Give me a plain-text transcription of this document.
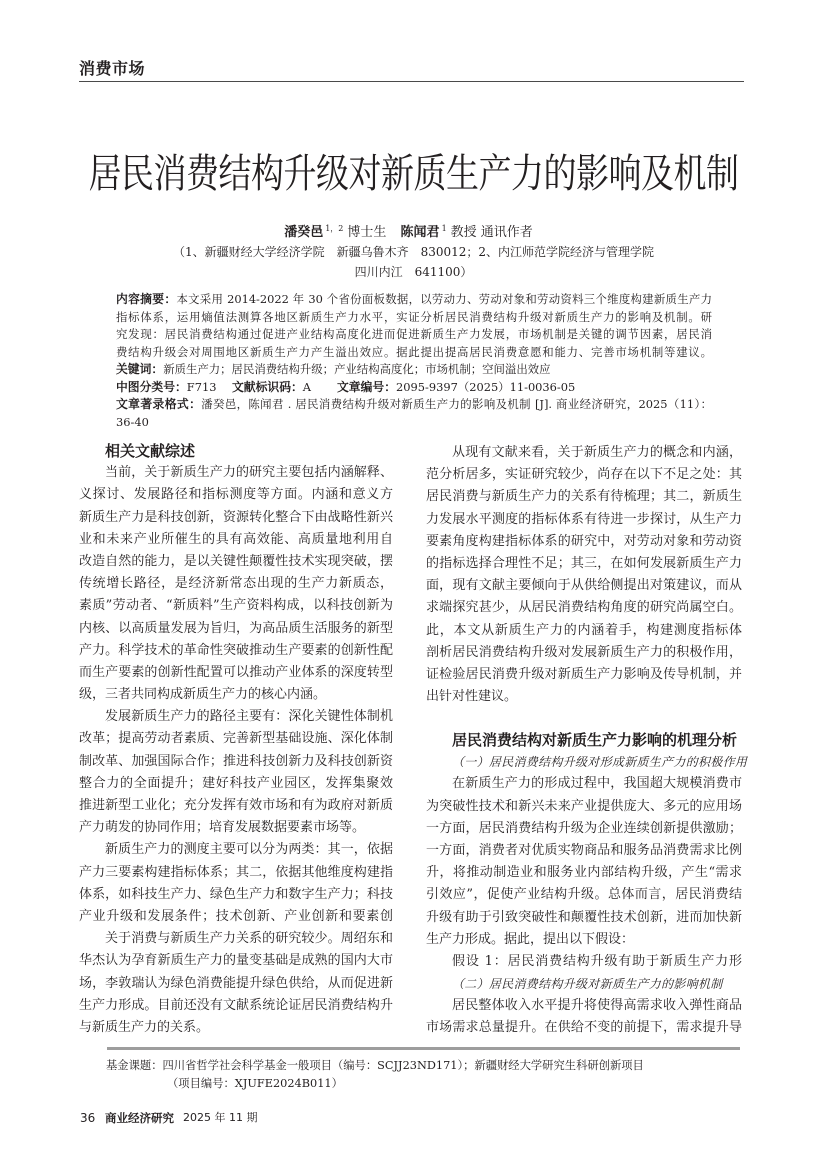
消费市场
居民消费结构升级对新质生产力的影响及机制
潘癸邑 $^{1,2}$ 博士生 陈闻君 $^1$ 教授 通讯作者
（1、新疆财经大学经济学院　新疆乌鲁木齐　830012；2、内江师范学院经济与管理学院
四川内江　641100）
内容摘要：本文采用 2014-2022 年 30 个省份面板数据，以劳动力、劳动对象和劳动资料三个维度构建新质生产力
指标体系，运用熵值法测算各地区新质生产力水平，实证分析居民消费结构升级对新质生产力的影响及机制。研
究发现：居民消费结构通过促进产业结构高度化进而促进新质生产力发展，市场机制是关键的调节因素，居民消
费结构升级会对周围地区新质生产力产生溢出效应。据此提出提高居民消费意愿和能力、完善市场机制等建议。
关键词：新质生产力；居民消费结构升级；产业结构高度化；市场机制；空间溢出效应
中图分类号：F713 文献标识码：A 文章编号：2095-9397（2025）11-0036-05
文章著录格式：潘癸邑，陈闻君 . 居民消费结构升级对新质生产力的影响及机制 [J]. 商业经济研究，2025（11）：
36-40
相关文献综述
当前，关于新质生产力的研究主要包括内涵解释、
义探讨、发展路径和指标测度等方面。内涵和意义方
新质生产力是科技创新，资源转化整合下由战略性新兴
业和未来产业所催生的具有高效能、高质量地利用自
改造自然的能力，是以关键性颠覆性技术实现突破，摆
传统增长路径，是经济新常态出现的生产力新质态，
素质”劳动者、“新质料”生产资料构成，以科技创新为
内核、以高质量发展为旨归，为高品质生活服务的新型
产力。科学技术的革命性突破推动生产要素的创新性配
而生产要素的创新性配置可以推动产业体系的深度转型
级，三者共同构成新质生产力的核心内涵。
发展新质生产力的路径主要有：深化关键性体制机
改革；提高劳动者素质、完善新型基础设施、深化体制
制改革、加强国际合作；推进科技创新力及科技创新资
整合力的全面提升；建好科技产业园区，发挥集聚效
推进新型工业化；充分发挥有效市场和有为政府对新质
产力萌发的协同作用；培育发展数据要素市场等。
新质生产力的测度主要可以分为两类：其一，依据
产力三要素构建指标体系；其二，依据其他维度构建指
体系，如科技生产力、绿色生产力和数字生产力；科技
产业升级和发展条件；技术创新、产业创新和要素创
关于消费与新质生产力关系的研究较少。周绍东和
华杰认为孕育新质生产力的量变基础是成熟的国内大市
场，李敦瑞认为绿色消费能提升绿色供给，从而促进新
生产力形成。目前还没有文献系统论证居民消费结构升
与新质生产力的关系。
从现有文献来看，关于新质生产力的概念和内涵，
范分析居多，实证研究较少，尚存在以下不足之处：其
居民消费与新质生产力的关系有待梳理；其二，新质生
力发展水平测度的指标体系有待进一步探讨，从生产力
要素角度构建指标体系的研究中，对劳动对象和劳动资
的指标选择合理性不足；其三，在如何发展新质生产力
面，现有文献主要倾向于从供给侧提出对策建议，而从
求端探究甚少，从居民消费结构角度的研究尚属空白。
此，本文从新质生产力的内涵着手，构建测度指标体
剖析居民消费结构升级对发展新质生产力的积极作用，
证检验居民消费升级对新质生产力影响及传导机制，并
出针对性建议。
居民消费结构对新质生产力影响的机理分析
（一）居民消费结构升级对形成新质生产力的积极作用
在新质生产力的形成过程中，我国超大规模消费市
为突破性技术和新兴未来产业提供庞大、多元的应用场
一方面，居民消费结构升级为企业连续创新提供激励；
一方面，消费者对优质实物商品和服务品消费需求比例
升，将推动制造业和服务业内部结构升级，产生“需求
引效应”，促使产业结构升级。总体而言，居民消费结
升级有助于引致突破性和颠覆性技术创新，进而加快新
生产力形成。据此，提出以下假设：
假设 1：居民消费结构升级有助于新质生产力形
（二）居民消费结构升级对新质生产力的影响机制
居民整体收入水平提升将使得高需求收入弹性商品
市场需求总量提升。在供给不变的前提下，需求提升导
基金课题：四川省哲学社会科学基金一般项目（编号：SCJJ23ND171）；新疆财经大学研究生科研创新项目
（项目编号：XJUFE2024B011）
36 商业经济研究 2025 年 11 期
